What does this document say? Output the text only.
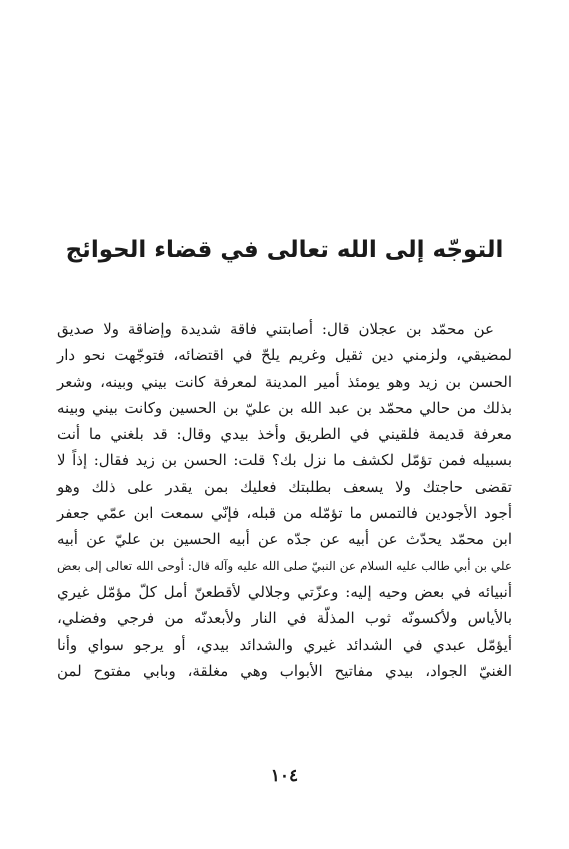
التوجّه إلى الله تعالى في قضاء الحوائج
عن محمّد بن عجلان قال: أصابتني فاقة شديدة وإضاقة ولا صديق
لمضيقي، ولزمني دين ثقيل وغريم يلحّ في اقتضائه، فتوجّهت نحو دار
الحسن بن زيد وهو يومئذ أمير المدينة لمعرفة كانت بيني وبينه، وشعر
بذلك من حالي محمّد بن عبد الله بن عليّ بن الحسين وكانت بيني وبينه
معرفة قديمة فلقيني في الطريق وأخذ بيدي وقال: قد بلغني ما أنت
بسبيله فمن تؤمّل لكشف ما نزل بك؟ قلت: الحسن بن زيد فقال: إذاً لا
تقضى حاجتك ولا يسعف بطلبتك فعليك بمن يقدر على ذلك وهو
أجود الأجودين فالتمس ما تؤمّله من قبله، فإنّي سمعت ابن عمّي جعفر
ابن محمّد يحدّث عن أبيه عن جدّه عن أبيه الحسين بن عليّ عن أبيه
علي بن أبي طالب عليه السلام عن النبيّ صلى الله عليه وآله قال: أوحى الله تعالى إلى بعض
أنبيائه في بعض وحيه إليه: وعزّتي وجلالي لأقطعنّ أمل كلّ مؤمّل غيري
بالأياس ولأكسونّه ثوب المذلّة في النار ولأبعدنّه من فرجي وفضلي،
أيؤمّل عبدي في الشدائد غيري والشدائد بيدي، أو يرجو سواي وأنا
الغنيّ الجواد، بيدي مفاتيح الأبواب وهي مغلقة، وبابي مفتوح لمن
١٠٤
